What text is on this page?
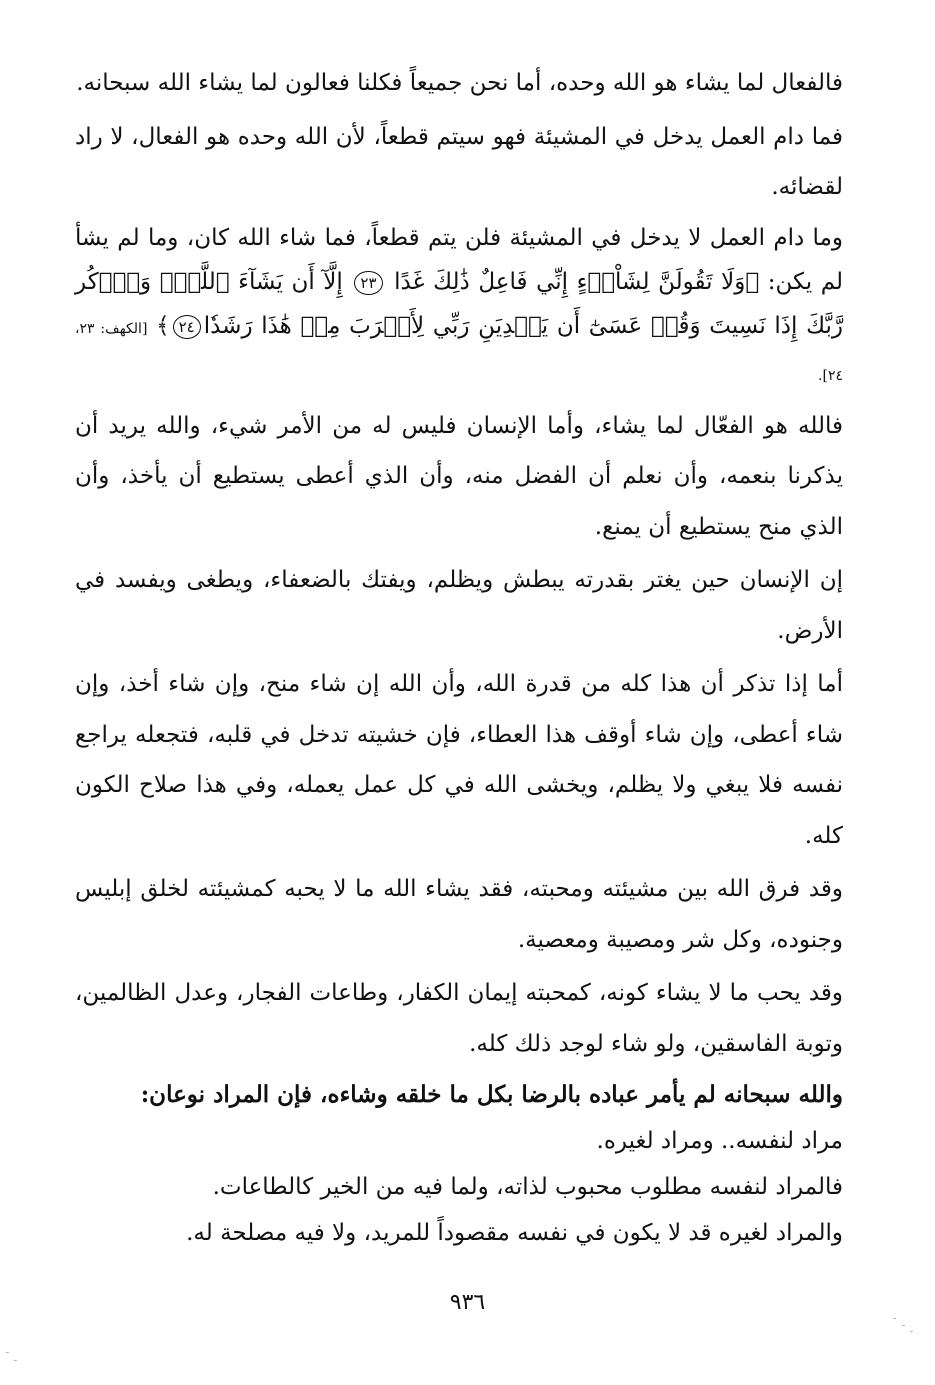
فالفعال لما يشاء هو الله وحده، أما نحن جميعاً فكلنا فعالون لما يشاء الله سبحانه.

فما دام العمل يدخل في المشيئة فهو سيتم قطعاً، لأن الله وحده هو الفعال، لا راد لقضائه.

وما دام العمل لا يدخل في المشيئة فلن يتم قطعاً، فما شاء الله كان، وما لم يشأ لم يكن: ﴿وَلَا تَقُولَنَّ لِشَاْىۡءٍ إِنِّي فَاعِلٌ ذَٰلِكَ غَدًا ٢٣ إِلَّآ أَن يَشَآءَ ٱللَّهُۚ وَٱذۡكُر رَّبَّكَ إِذَا نَسِيتَ وَقُلۡ عَسَىٰٓ أَن يَهۡدِيَنِ رَبِّي لِأَقۡرَبَ مِنۡ هَٰذَا رَشَدٗا٢٤﴾ [الكهف: ٢٣، ٢٤].

فالله هو الفعّال لما يشاء، وأما الإنسان فليس له من الأمر شيء، والله يريد أن يذكرنا بنعمه، وأن نعلم أن الفضل منه، وأن الذي أعطى يستطيع أن يأخذ، وأن الذي منح يستطيع أن يمنع.

إن الإنسان حين يغتر بقدرته يبطش ويظلم، ويفتك بالضعفاء، ويطغى ويفسد في الأرض.

أما إذا تذكر أن هذا كله من قدرة الله، وأن الله إن شاء منح، وإن شاء أخذ، وإن شاء أعطى، وإن شاء أوقف هذا العطاء، فإن خشيته تدخل في قلبه، فتجعله يراجع نفسه فلا يبغي ولا يظلم، ويخشى الله في كل عمل يعمله، وفي هذا صلاح الكون كله.

وقد فرق الله بين مشيئته ومحبته، فقد يشاء الله ما لا يحبه كمشيئته لخلق إبليس وجنوده، وكل شر ومصيبة ومعصية.

وقد يحب ما لا يشاء كونه، كمحبته إيمان الكفار، وطاعات الفجار، وعدل الظالمين، وتوبة الفاسقين، ولو شاء لوجد ذلك كله.

والله سبحانه لم يأمر عباده بالرضا بكل ما خلقه وشاءه، فإن المراد نوعان:

مراد لنفسه.. ومراد لغيره.

فالمراد لنفسه مطلوب محبوب لذاته، ولما فيه من الخير كالطاعات.

والمراد لغيره قد لا يكون في نفسه مقصوداً للمريد، ولا فيه مصلحة له.

٩٣٦
